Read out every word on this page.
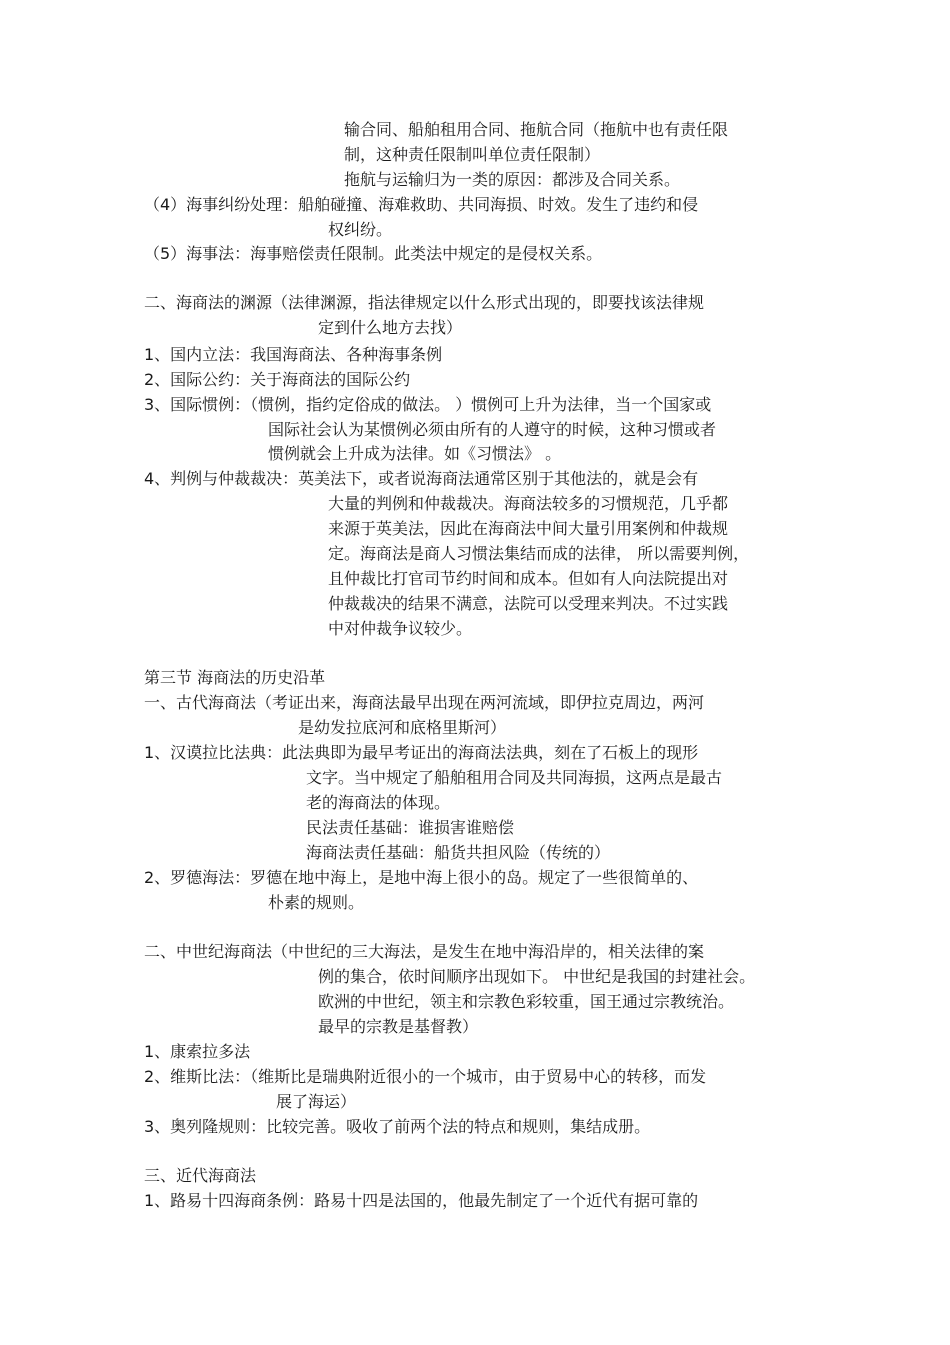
输合同、船舶租用合同、拖航合同（拖航中也有责任限

制，这种责任限制叫单位责任限制）

拖航与运输归为一类的原因：都涉及合同关系。

（4）海事纠纷处理：船舶碰撞、海难救助、共同海损、时效。发生了违约和侵

权纠纷。

（5）海事法：海事赔偿责任限制。此类法中规定的是侵权关系。

二、海商法的渊源（法律渊源，指法律规定以什么形式出现的，即要找该法律规

定到什么地方去找）

1、国内立法：我国海商法、各种海事条例

2、国际公约：关于海商法的国际公约

3、国际惯例：（惯例，指约定俗成的做法。 ）惯例可上升为法律，当一个国家或

国际社会认为某惯例必须由所有的人遵守的时候，这种习惯或者

惯例就会上升成为法律。如《习惯法》 。

4、判例与仲裁裁决：英美法下，或者说海商法通常区别于其他法的，就是会有

大量的判例和仲裁裁决。海商法较多的习惯规范，几乎都

来源于英美法，因此在海商法中间大量引用案例和仲裁规

定。海商法是商人习惯法集结而成的法律， 所以需要判例，

且仲裁比打官司节约时间和成本。但如有人向法院提出对

仲裁裁决的结果不满意，法院可以受理来判决。不过实践

中对仲裁争议较少。

第三节 海商法的历史沿革

一、古代海商法（考证出来，海商法最早出现在两河流域，即伊拉克周边，两河

是幼发拉底河和底格里斯河）

1、汉谟拉比法典：此法典即为最早考证出的海商法法典，刻在了石板上的现形

文字。当中规定了船舶租用合同及共同海损，这两点是最古

老的海商法的体现。

民法责任基础：谁损害谁赔偿

海商法责任基础：船货共担风险（传统的）

2、罗德海法：罗德在地中海上，是地中海上很小的岛。规定了一些很简单的、

朴素的规则。

二、中世纪海商法（中世纪的三大海法，是发生在地中海沿岸的，相关法律的案

例的集合，依时间顺序出现如下。 中世纪是我国的封建社会。

欧洲的中世纪，领主和宗教色彩较重，国王通过宗教统治。

最早的宗教是基督教）

1、康索拉多法

2、维斯比法：（维斯比是瑞典附近很小的一个城市，由于贸易中心的转移，而发

展了海运）

3、奥列隆规则：比较完善。吸收了前两个法的特点和规则，集结成册。

三、近代海商法

1、路易十四海商条例：路易十四是法国的，他最先制定了一个近代有据可靠的
